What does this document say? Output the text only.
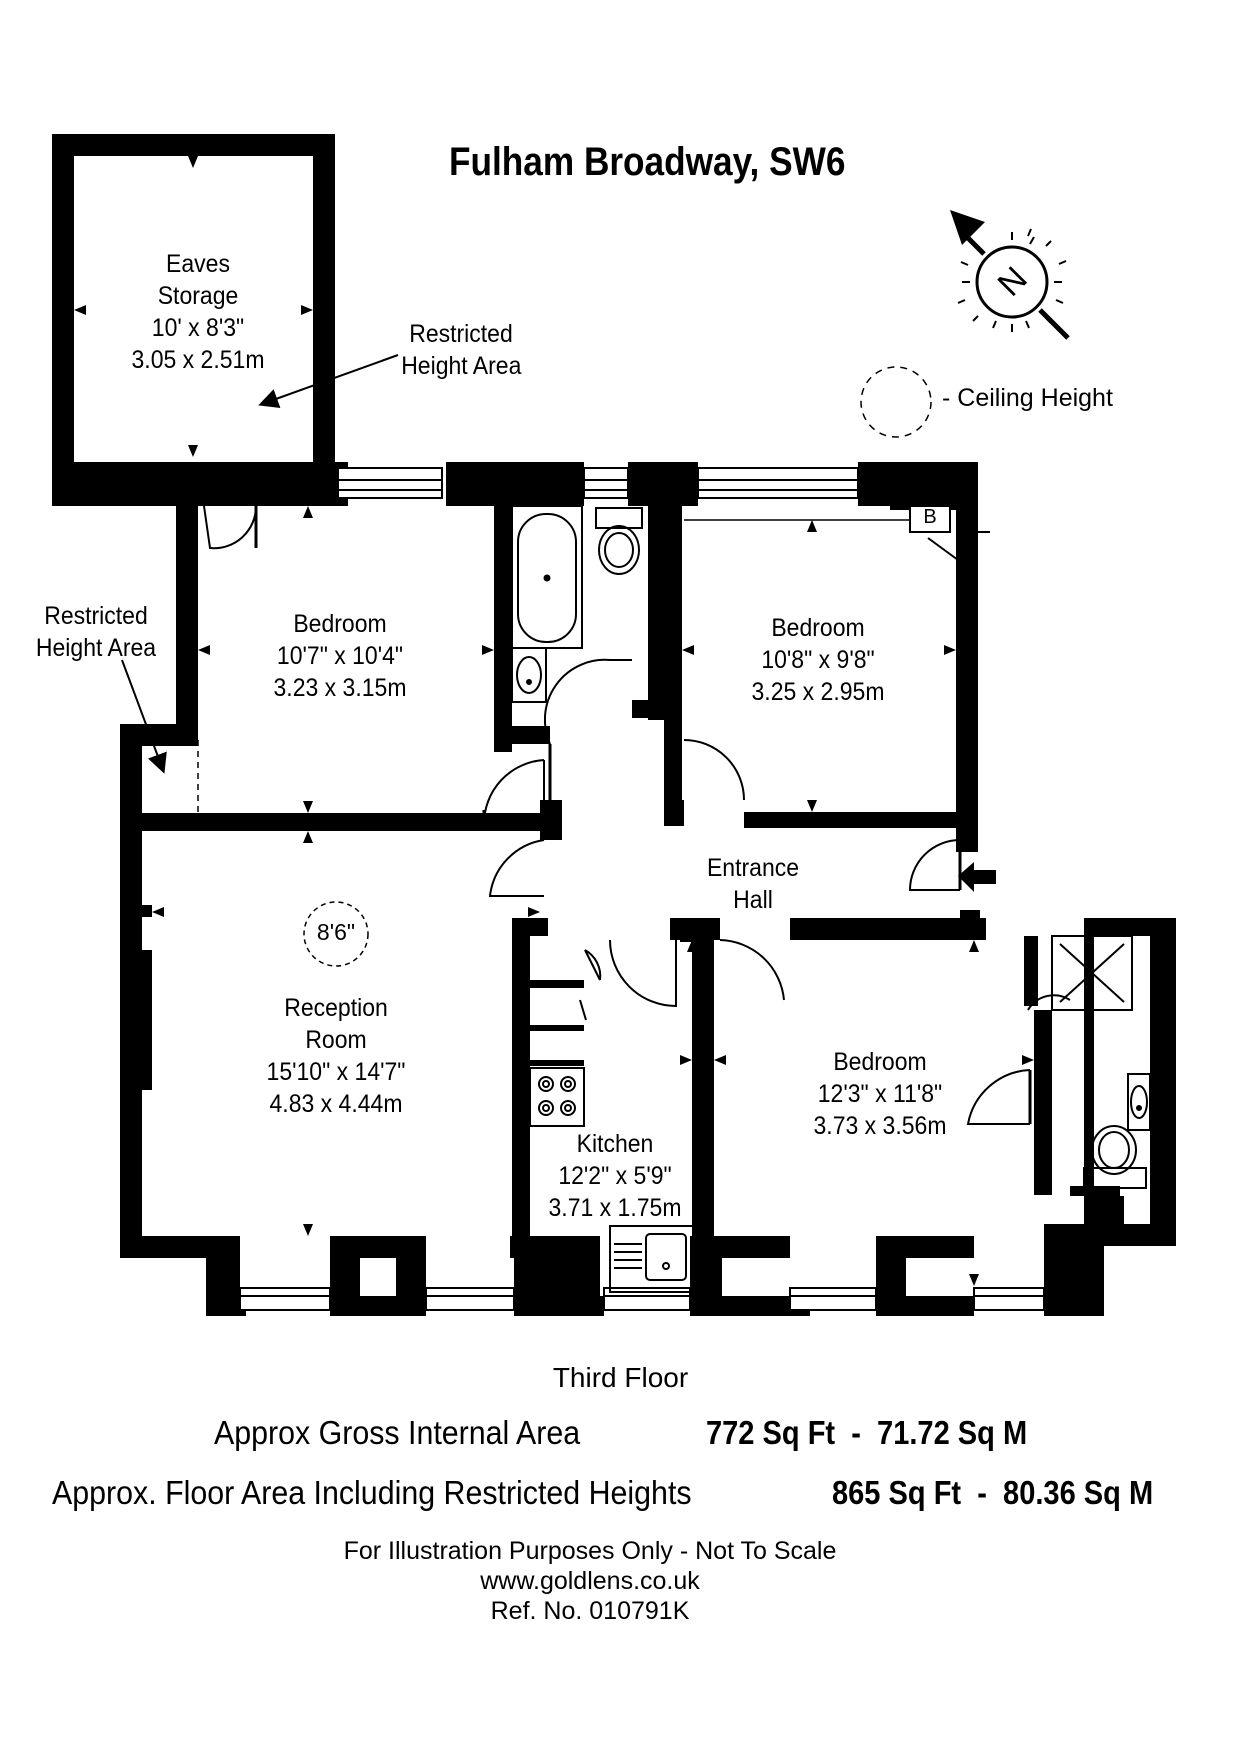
Fulham Broadway, SW6
N
- Ceiling Height
Restricted
Height Area
Restricted
Height Area
Eaves
Storage
10' x 8'3"
3.05 x 2.51m
Bedroom
10'7" x 10'4"
3.23 x 3.15m
Bedroom
10'8" x 9'8"
3.25 x 2.95m
B
Entrance
Hall
8'6"
Reception
Room
15'10" x 14'7"
4.83 x 4.44m
Kitchen
12'2" x 5'9"
3.71 x 1.75m
Bedroom
12'3" x 11'8"
3.73 x 3.56m
Third Floor
Approx Gross Internal Area	772 Sq Ft  -  71.72 Sq M
Approx. Floor Area Including Restricted Heights	865 Sq Ft  -  80.36 Sq M
For Illustration Purposes Only - Not To Scale
www.goldlens.co.uk
Ref. No. 010791K
